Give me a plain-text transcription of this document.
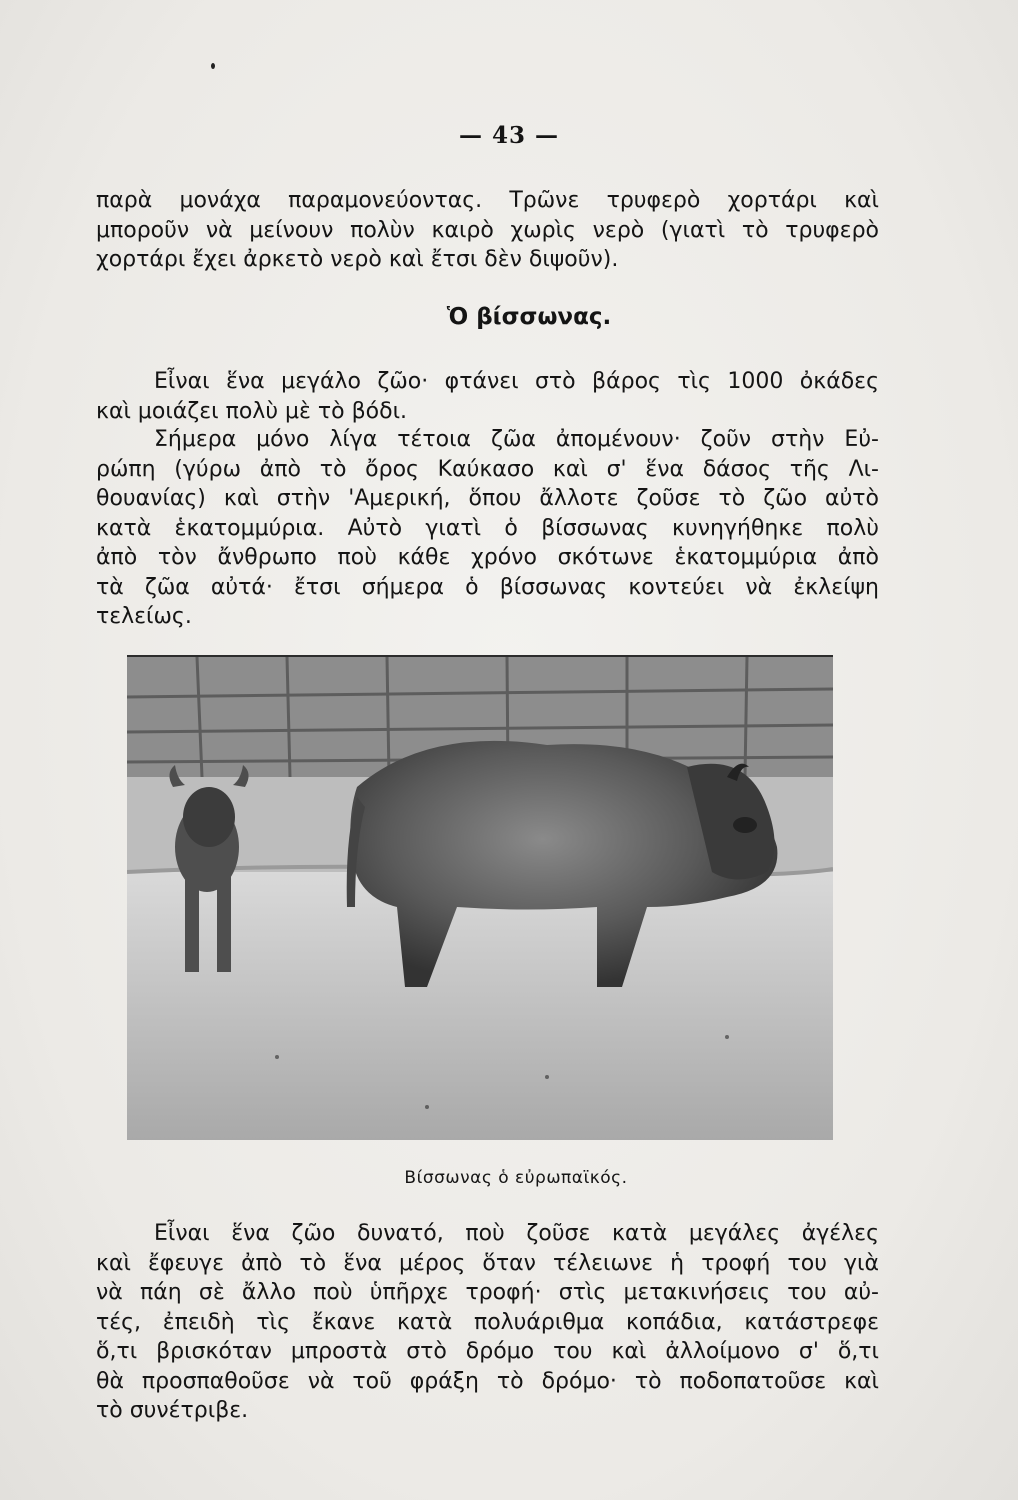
— 43 —
παρὰ μονάχα παραμονεύοντας. Τρῶνε τρυφερὸ χορτάρι καὶ
μποροῦν νὰ μείνουν πολὺν καιρὸ χωρὶς νερὸ (γιατὶ τὸ τρυφερὸ
χορτάρι ἔχει ἀρκετὸ νερὸ καὶ ἔτσι δὲν διψοῦν).
Ὁ βίσσωνας.
Εἶναι ἕνα μεγάλο ζῶο· φτάνει στὸ βάρος τὶς 1000 ὀκάδες
καὶ μοιάζει πολὺ μὲ τὸ βόδι.
Σήμερα μόνο λίγα τέτοια ζῶα ἀπομένουν· ζοῦν στὴν Εὐ-
ρώπη (γύρω ἀπὸ τὸ ὄρος Καύκασο καὶ σ' ἕνα δάσος τῆς Λι-
θουανίας) καὶ στὴν 'Αμερική, ὅπου ἄλλοτε ζοῦσε τὸ ζῶο αὐτὸ
κατὰ ἑκατομμύρια. Αὐτὸ γιατὶ ὁ βίσσωνας κυνηγήθηκε πολὺ
ἀπὸ τὸν ἄνθρωπο ποὺ κάθε χρόνο σκότωνε ἑκατομμύρια ἀπὸ
τὰ ζῶα αὐτά· ἔτσι σήμερα ὁ βίσσωνας κοντεύει νὰ ἐκλείψη
τελείως.
Βίσσωνας ὁ εὐρωπαϊκός.
Εἶναι ἕνα ζῶο δυνατό, ποὺ ζοῦσε κατὰ μεγάλες ἀγέλες
καὶ ἔφευγε ἀπὸ τὸ ἕνα μέρος ὅταν τέλειωνε ἡ τροφή του γιὰ
νὰ πάη σὲ ἄλλο ποὺ ὑπῆρχε τροφή· στὶς μετακινήσεις του αὐ-
τές, ἐπειδὴ τὶς ἔκανε κατὰ πολυάριθμα κοπάδια, κατάστρεφε
ὅ,τι βρισκόταν μπροστὰ στὸ δρόμο του καὶ ἀλλοίμονο σ' ὅ,τι
θὰ προσπαθοῦσε νὰ τοῦ φράξη τὸ δρόμο· τὸ ποδοπατοῦσε καὶ
τὸ συνέτριβε.
